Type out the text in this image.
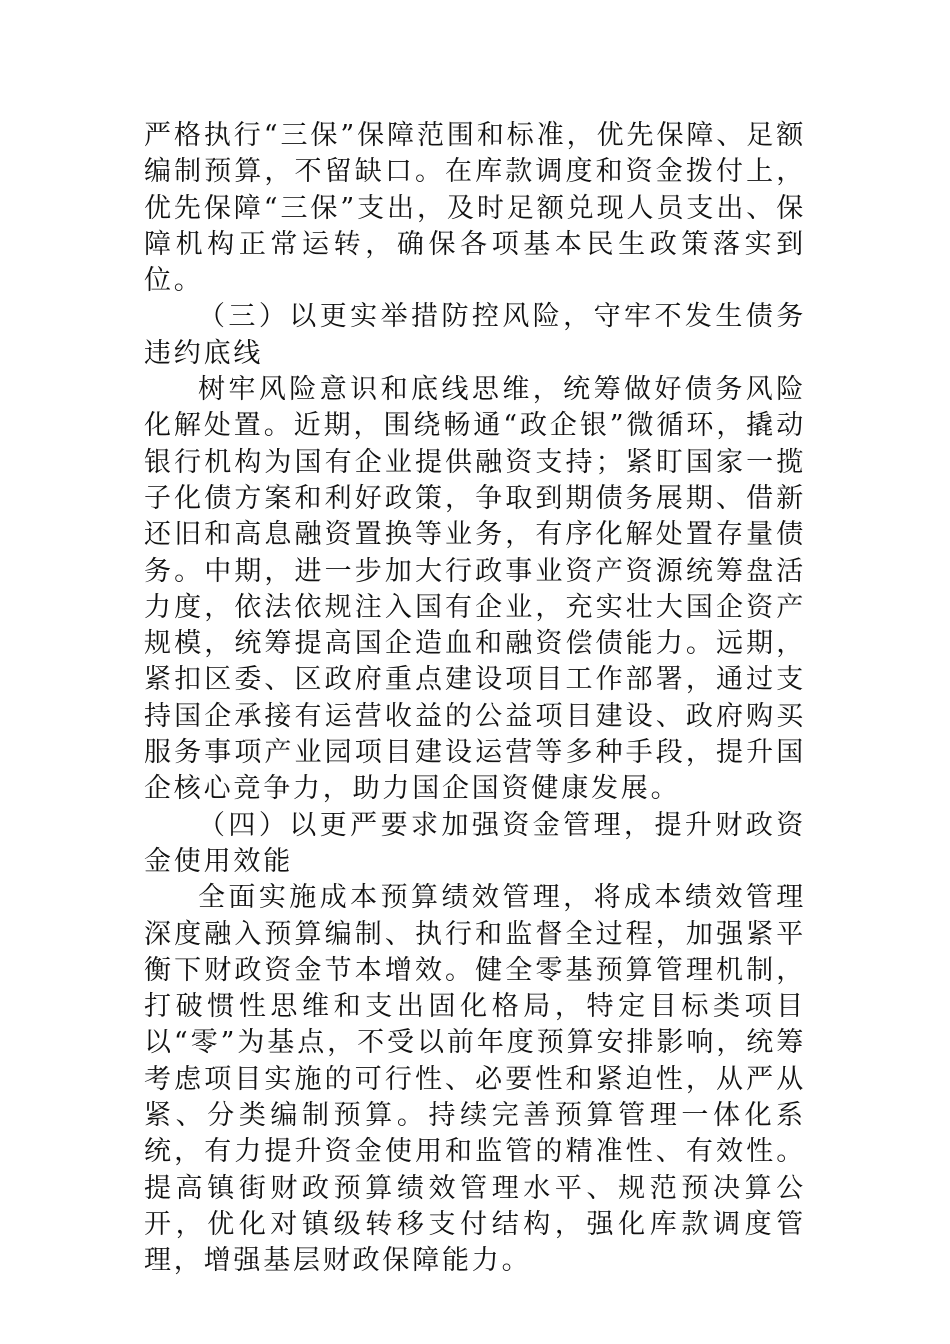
严格执行“三保”保障范围和标准，优先保障、足额编制预算，不留缺口。在库款调度和资金拨付上，优先保障“三保”支出，及时足额兑现人员支出、保障机构正常运转，确保各项基本民生政策落实到位。

（三）以更实举措防控风险，守牢不发生债务违约底线

树牢风险意识和底线思维，统筹做好债务风险化解处置。近期，围绕畅通“政企银”微循环，撬动银行机构为国有企业提供融资支持；紧盯国家一揽子化债方案和利好政策，争取到期债务展期、借新还旧和高息融资置换等业务，有序化解处置存量债务。中期，进一步加大行政事业资产资源统筹盘活力度，依法依规注入国有企业，充实壮大国企资产规模，统筹提高国企造血和融资偿债能力。远期，紧扣区委、区政府重点建设项目工作部署，通过支持国企承接有运营收益的公益项目建设、政府购买服务事项产业园项目建设运营等多种手段，提升国企核心竞争力，助力国企国资健康发展。

（四）以更严要求加强资金管理，提升财政资金使用效能

全面实施成本预算绩效管理，将成本绩效管理深度融入预算编制、执行和监督全过程，加强紧平衡下财政资金节本增效。健全零基预算管理机制，打破惯性思维和支出固化格局，特定目标类项目以“零”为基点，不受以前年度预算安排影响，统筹考虑项目实施的可行性、必要性和紧迫性，从严从紧、分类编制预算。持续完善预算管理一体化系统，有力提升资金使用和监管的精准性、有效性。提高镇街财政预算绩效管理水平、规范预决算公开，优化对镇级转移支付结构，强化库款调度管理，增强基层财政保障能力。
